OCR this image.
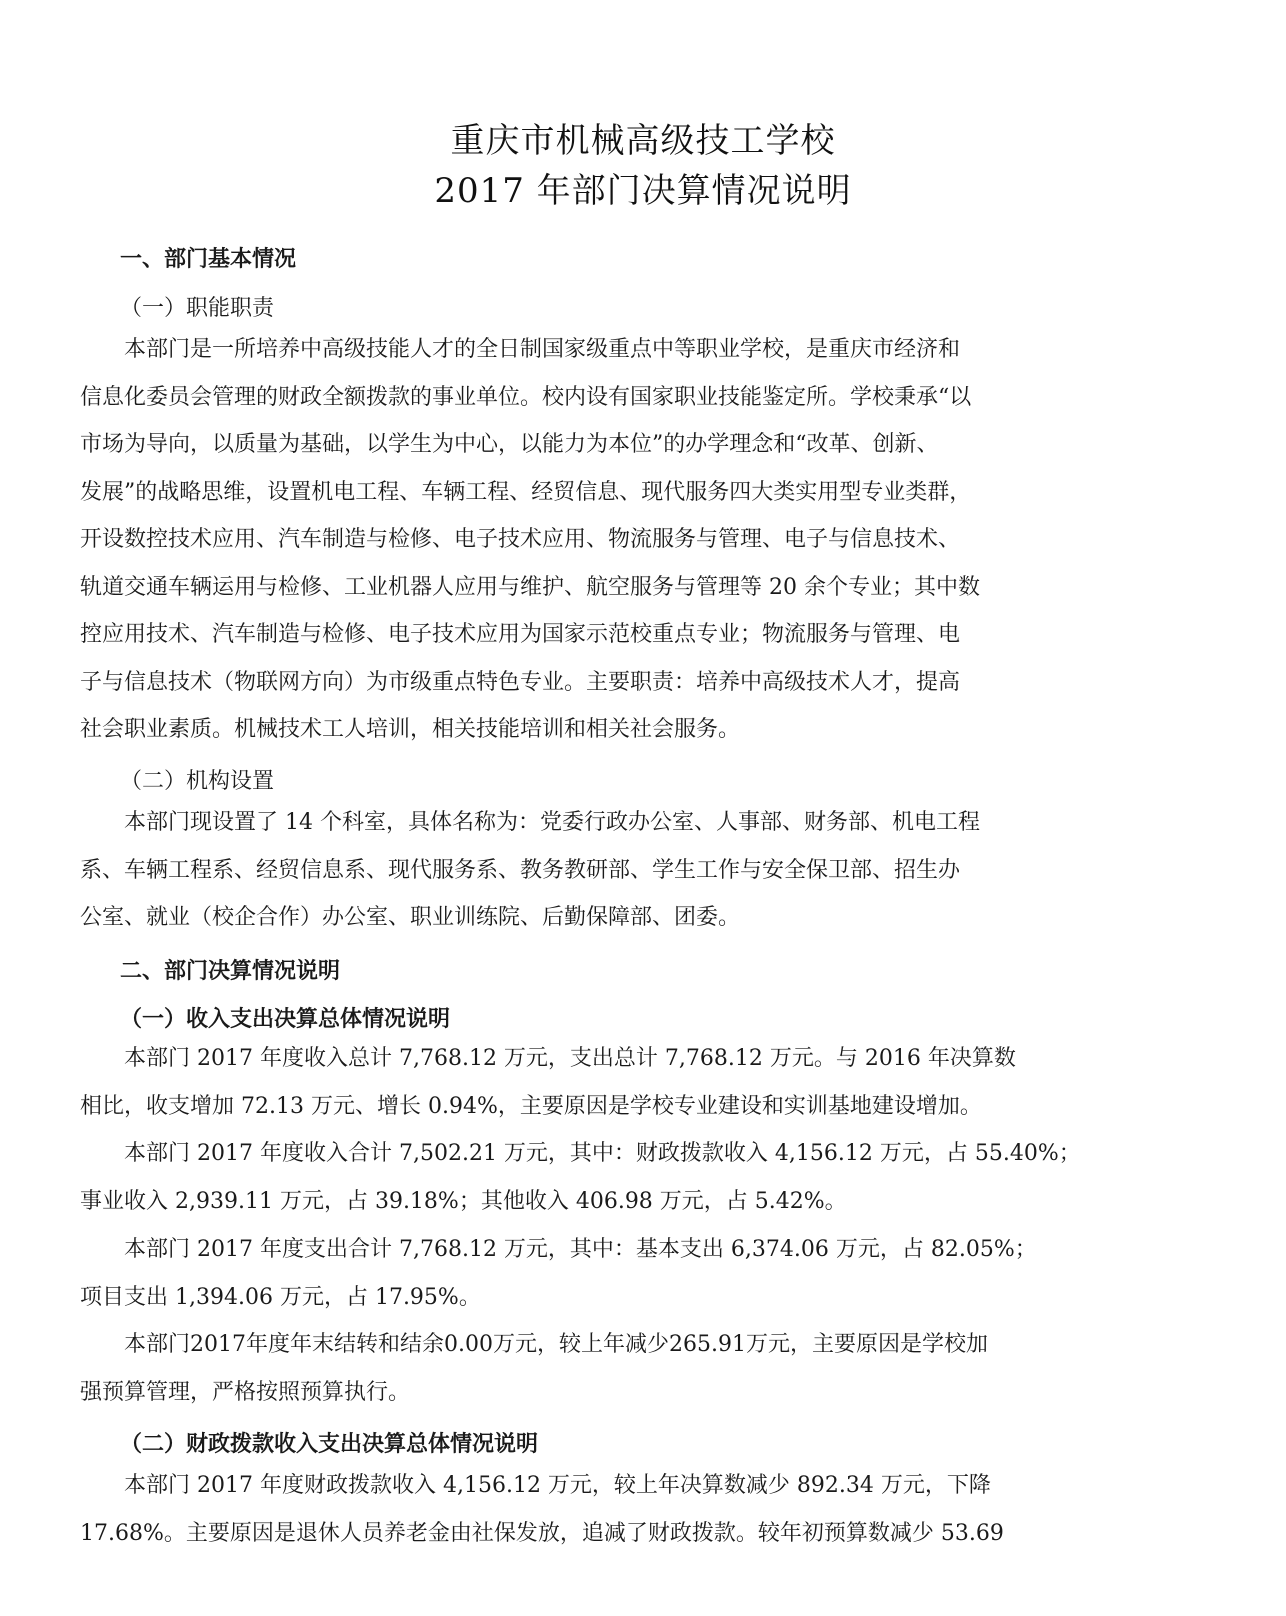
重庆市机械高级技工学校
2017 年部门决算情况说明
一、部门基本情况
（一）职能职责
本部门是一所培养中高级技能人才的全日制国家级重点中等职业学校，是重庆市经济和
信息化委员会管理的财政全额拨款的事业单位。校内设有国家职业技能鉴定所。学校秉承“以
市场为导向，以质量为基础，以学生为中心，以能力为本位”的办学理念和“改革、创新、
发展”的战略思维，设置机电工程、车辆工程、经贸信息、现代服务四大类实用型专业类群，
开设数控技术应用、汽车制造与检修、电子技术应用、物流服务与管理、电子与信息技术、
轨道交通车辆运用与检修、工业机器人应用与维护、航空服务与管理等 20 余个专业；其中数
控应用技术、汽车制造与检修、电子技术应用为国家示范校重点专业；物流服务与管理、电
子与信息技术（物联网方向）为市级重点特色专业。主要职责：培养中高级技术人才，提高
社会职业素质。机械技术工人培训，相关技能培训和相关社会服务。
（二）机构设置
本部门现设置了 14 个科室，具体名称为：党委行政办公室、人事部、财务部、机电工程
系、车辆工程系、经贸信息系、现代服务系、教务教研部、学生工作与安全保卫部、招生办
公室、就业（校企合作）办公室、职业训练院、后勤保障部、团委。
二、部门决算情况说明
（一）收入支出决算总体情况说明
本部门 2017 年度收入总计 7,768.12 万元，支出总计 7,768.12 万元。与 2016 年决算数
相比，收支增加 72.13 万元、增长 0.94%，主要原因是学校专业建设和实训基地建设增加。
本部门 2017 年度收入合计 7,502.21 万元，其中：财政拨款收入 4,156.12 万元，占 55.40%；
事业收入 2,939.11 万元，占 39.18%；其他收入 406.98 万元，占 5.42%。
本部门 2017 年度支出合计 7,768.12 万元，其中：基本支出 6,374.06 万元，占 82.05%；
项目支出 1,394.06 万元，占 17.95%。
本部门2017年度年末结转和结余0.00万元，较上年减少265.91万元，主要原因是学校加
强预算管理，严格按照预算执行。
（二）财政拨款收入支出决算总体情况说明
本部门 2017 年度财政拨款收入 4,156.12 万元，较上年决算数减少 892.34 万元，下降
17.68%。主要原因是退休人员养老金由社保发放，追减了财政拨款。较年初预算数减少 53.69
